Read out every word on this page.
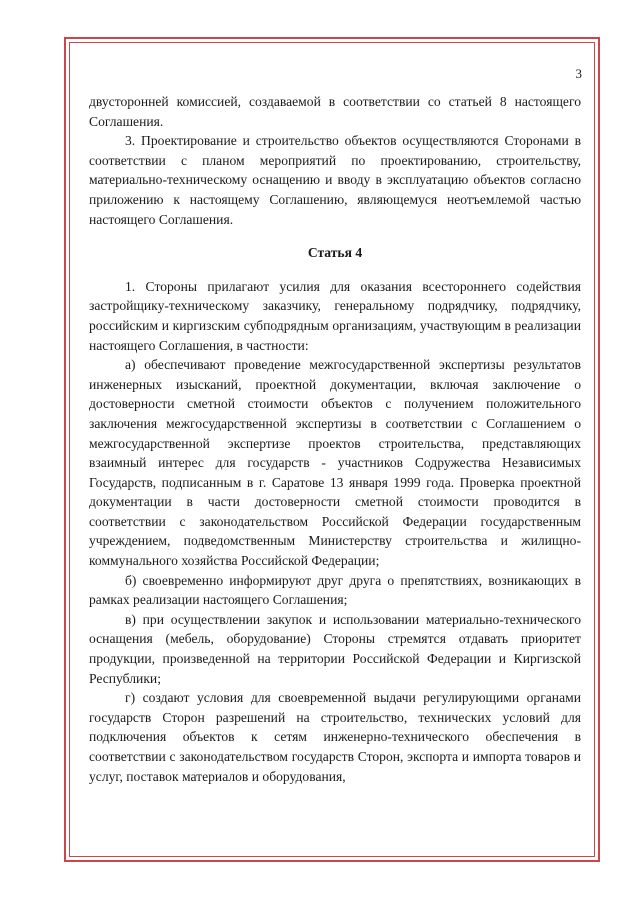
3

двусторонней комиссией, создаваемой в соответствии со статьей 8 настоящего Соглашения.

3. Проектирование и строительство объектов осуществляются Сторонами в соответствии с планом мероприятий по проектированию, строительству, материально-техническому оснащению и вводу в эксплуатацию объектов согласно приложению к настоящему Соглашению, являющемуся неотъемлемой частью настоящего Соглашения.

Статья 4

1. Стороны прилагают усилия для оказания всестороннего содействия застройщику-техническому заказчику, генеральному подрядчику, подрядчику, российским и киргизским субподрядным организациям, участвующим в реализации настоящего Соглашения, в частности:

а) обеспечивают проведение межгосударственной экспертизы результатов инженерных изысканий, проектной документации, включая заключение о достоверности сметной стоимости объектов с получением положительного заключения межгосударственной экспертизы в соответствии с Соглашением о межгосударственной экспертизе проектов строительства, представляющих взаимный интерес для государств - участников Содружества Независимых Государств, подписанным в г. Саратове 13 января 1999 года. Проверка проектной документации в части достоверности сметной стоимости проводится в соответствии с законодательством Российской Федерации государственным учреждением, подведомственным Министерству строительства и жилищно-коммунального хозяйства Российской Федерации;

б) своевременно информируют друг друга о препятствиях, возникающих в рамках реализации настоящего Соглашения;

в) при осуществлении закупок и использовании материально-технического оснащения (мебель, оборудование) Стороны стремятся отдавать приоритет продукции, произведенной на территории Российской Федерации и Киргизской Республики;

г) создают условия для своевременной выдачи регулирующими органами государств Сторон разрешений на строительство, технических условий для подключения объектов к сетям инженерно-технического обеспечения в соответствии с законодательством государств Сторон, экспорта и импорта товаров и услуг, поставок материалов и оборудования,
